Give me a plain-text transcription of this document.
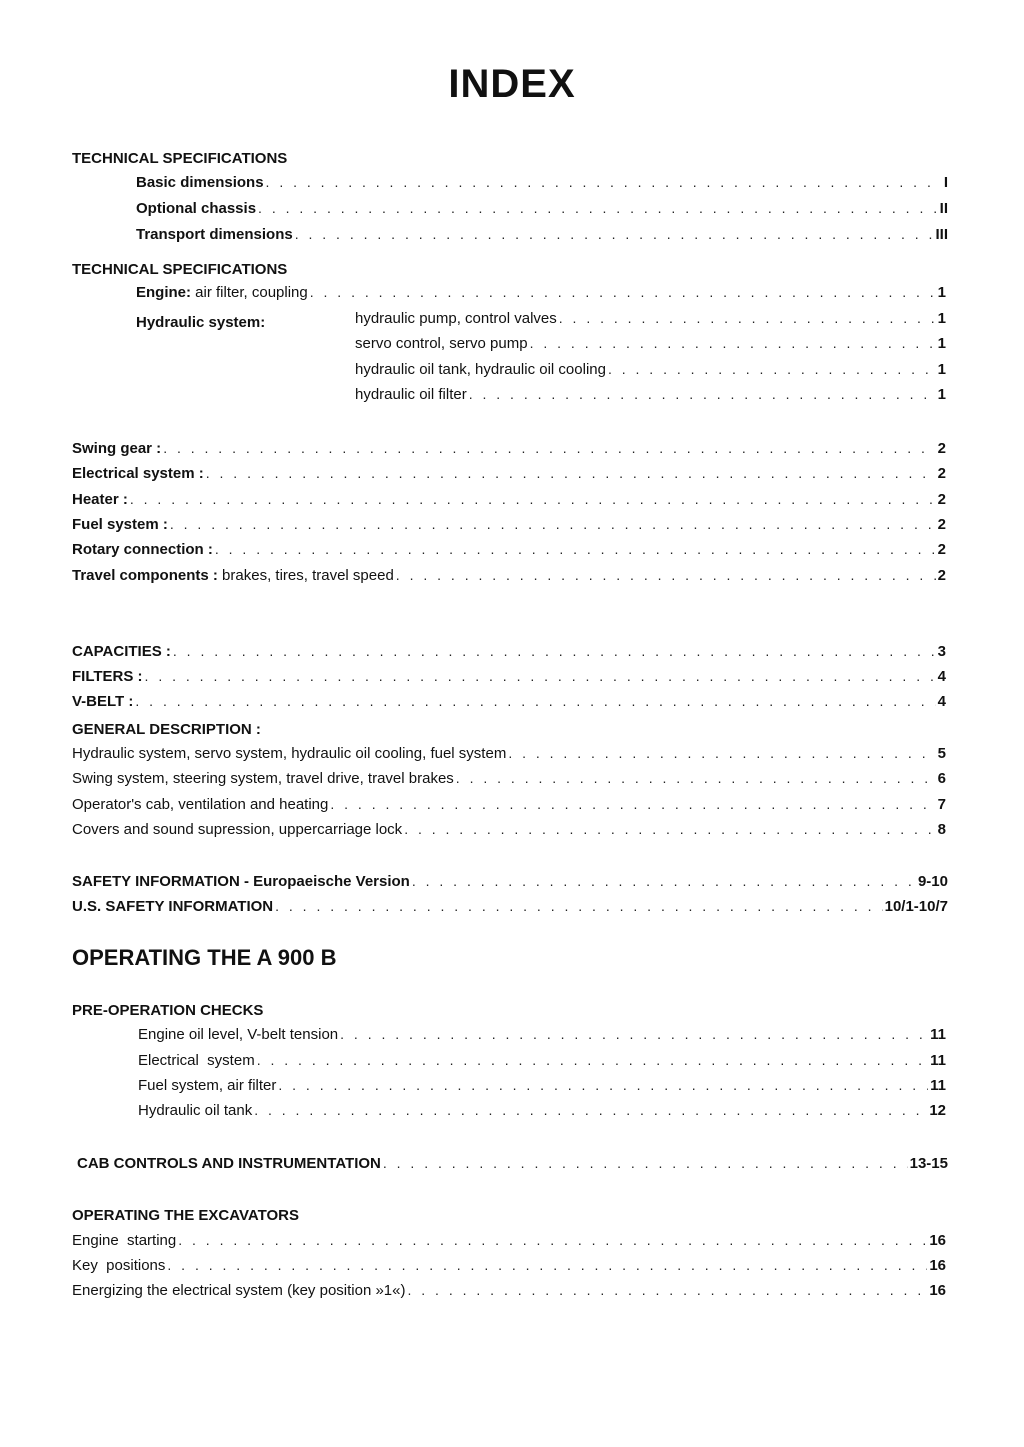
INDEX
TECHNICAL SPECIFICATIONS
Basic dimensions . . .	I
Optional chassis . . .	II
Transport dimensions . . .	III
TECHNICAL SPECIFICATIONS
Engine: air filter, coupling . . .	1
Hydraulic system:	hydraulic pump, control valves . . .	1
servo control, servo pump . . .	1
hydraulic oil tank, hydraulic oil cooling . . .	1
hydraulic oil filter . . .	1
Swing gear : . . .	2
Electrical system : . . .	2
Heater : . . .	2
Fuel system : . . .	2
Rotary connection : . . .	2
Travel components : brakes, tires, travel speed . . .	2
CAPACITIES : . . .	3
FILTERS : . . .	4
V-BELT : . . .	4
GENERAL DESCRIPTION :
Hydraulic system, servo system, hydraulic oil cooling, fuel system . . .	5
Swing system, steering system, travel drive, travel brakes . . .	6
Operator's cab, ventilation and heating . . .	7
Covers and sound supression, uppercarriage lock . . .	8
SAFETY INFORMATION - Europaeische Version . . .	9-10
U.S. SAFETY INFORMATION . . .	10/1-10/7
OPERATING THE A 900 B
PRE-OPERATION CHECKS
Engine oil level, V-belt tension . . .	11
Electrical  system . . .	11
Fuel system, air filter . . .	11
Hydraulic oil tank . . .	12
CAB CONTROLS AND INSTRUMENTATION . . .	13-15
OPERATING THE EXCAVATORS
Engine  starting . . .	16
Key  positions . . .	16
Energizing the electrical system (key position »1«) . . .	16
